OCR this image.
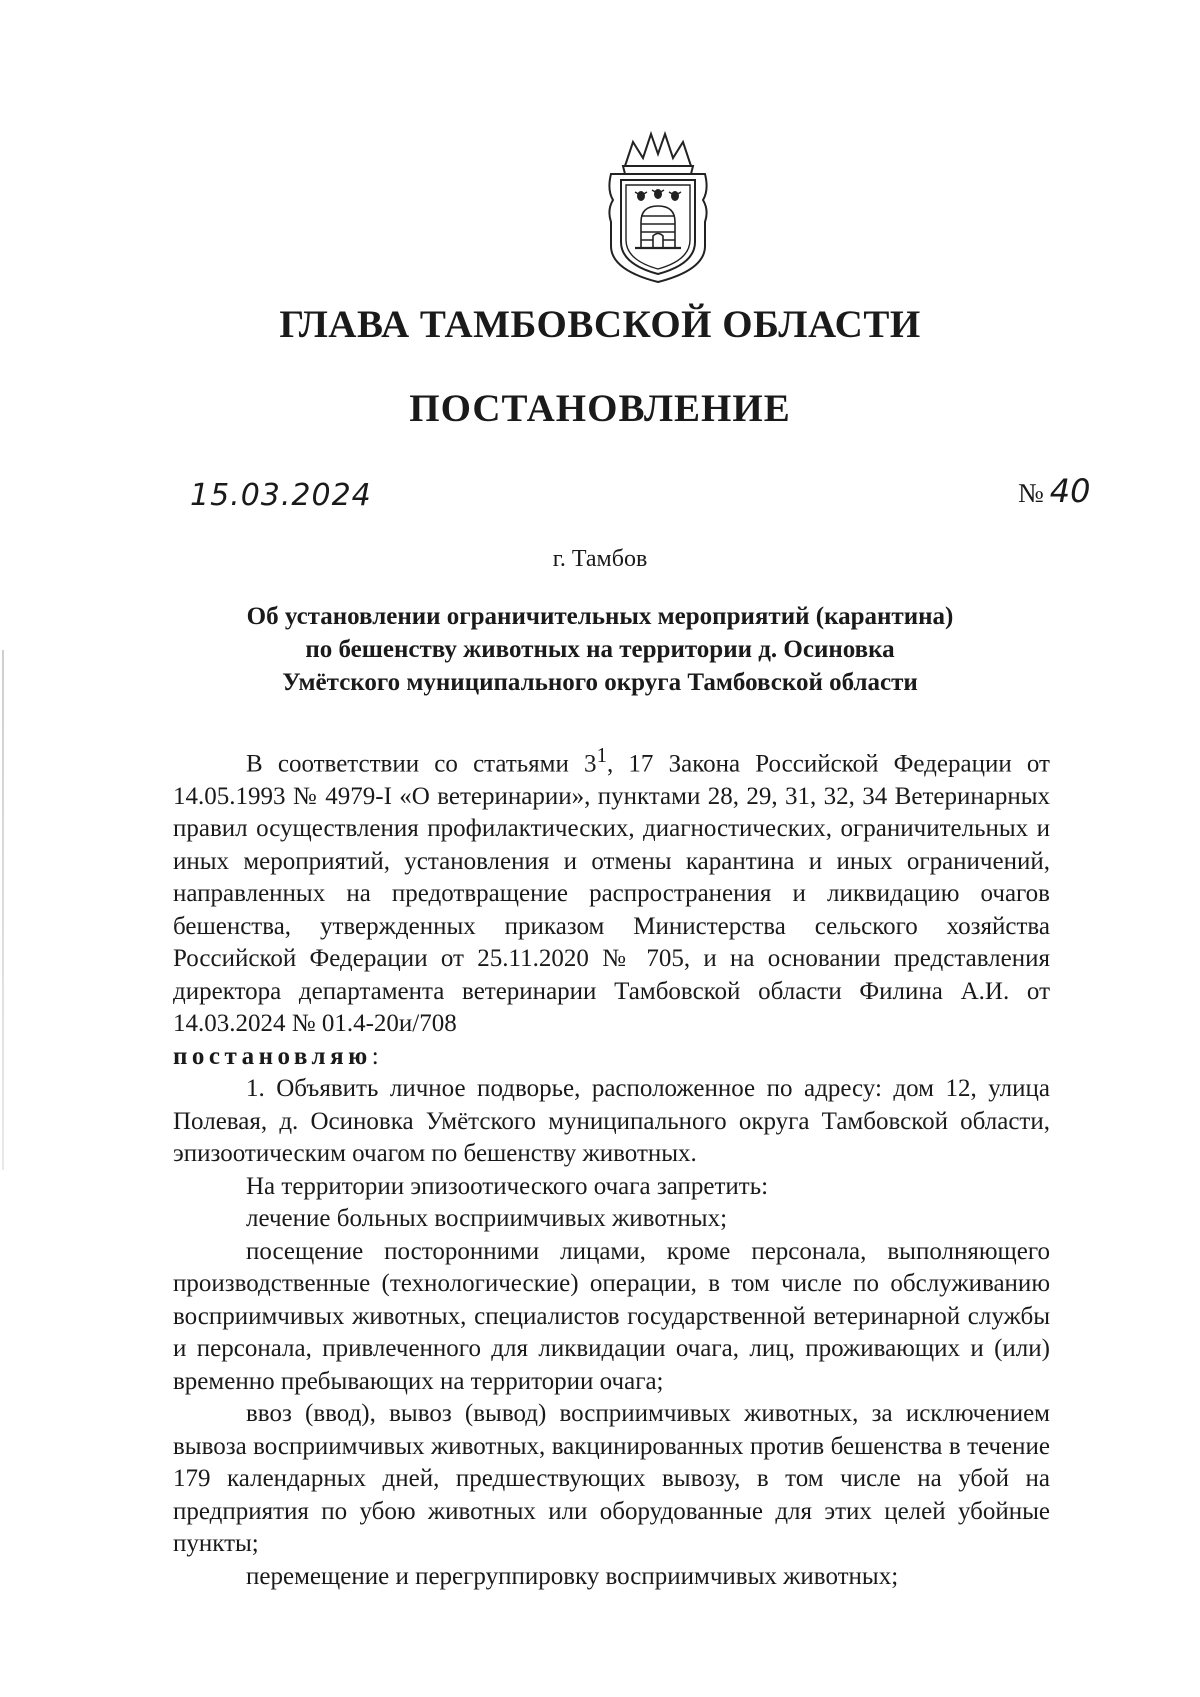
ГЛАВА ТАМБОВСКОЙ ОБЛАСТИ
ПОСТАНОВЛЕНИЕ
15.03.2024	№ 40
г. Тамбов
Об установлении ограничительных мероприятий (карантина)
по бешенству животных на территории д. Осиновка
Умётского муниципального округа Тамбовской области

В соответствии со статьями $3^1$, 17 Закона Российской Федерации от 14.05.1993 № 4979-I «О ветеринарии», пунктами 28, 29, 31, 32, 34 Ветеринарных правил осуществления профилактических, диагностических, ограничительных и иных мероприятий, установления и отмены карантина и иных ограничений, направленных на предотвращение распространения и ликвидацию очагов бешенства, утвержденных приказом Министерства сельского хозяйства Российской Федерации от 25.11.2020 № 705, и на основании представления директора департамента ветеринарии Тамбовской области Филина А.И. от 14.03.2024 № 01.4-20и/708

постановляю:

1. Объявить личное подворье, расположенное по адресу: дом 12, улица Полевая, д. Осиновка Умётского муниципального округа Тамбовской области, эпизоотическим очагом по бешенству животных.

На территории эпизоотического очага запретить:

лечение больных восприимчивых животных;

посещение посторонними лицами, кроме персонала, выполняющего производственные (технологические) операции, в том числе по обслуживанию восприимчивых животных, специалистов государственной ветеринарной службы и персонала, привлеченного для ликвидации очага, лиц, проживающих и (или) временно пребывающих на территории очага;

ввоз (ввод), вывоз (вывод) восприимчивых животных, за исключением вывоза восприимчивых животных, вакцинированных против бешенства в течение 179 календарных дней, предшествующих вывозу, в том числе на убой на предприятия по убою животных или оборудованные для этих целей убойные пункты;

перемещение и перегруппировку восприимчивых животных;
